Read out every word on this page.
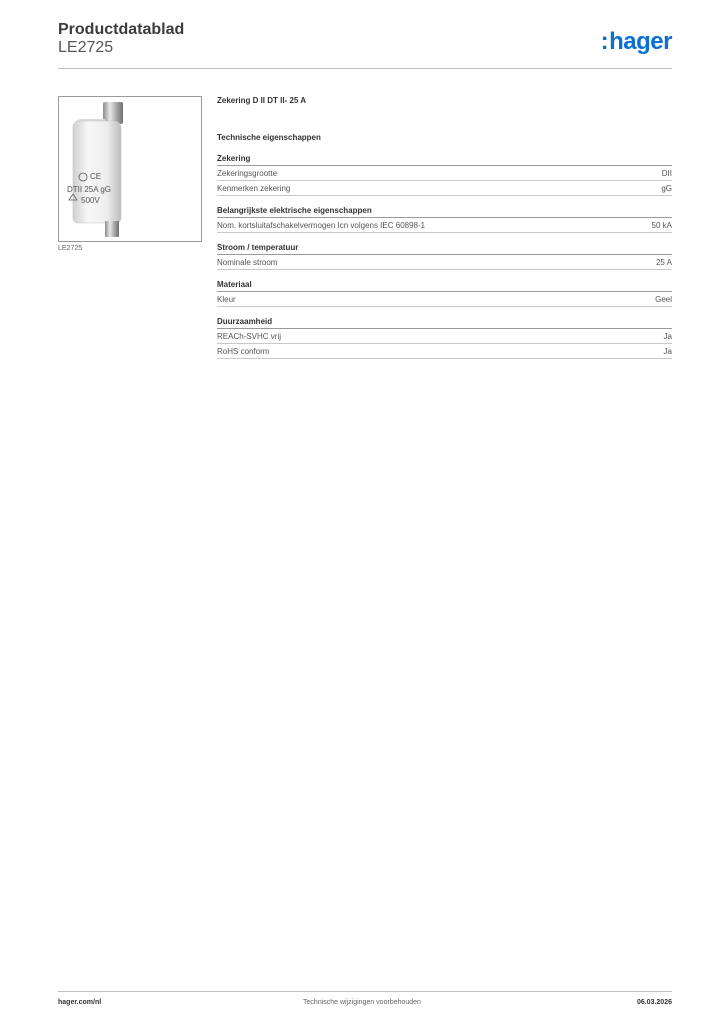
Productdatablad
LE2725	:hager
CE
DTII 25A gG
500V
LE2725
Zekering D II DT II- 25 A
Technische eigenschappen
Zekering
Zekeringsgrootte	DII
Kenmerken zekering	gG
Belangrijkste elektrische eigenschappen
Nom. kortsluitafschakelvermogen Icn volgens IEC 60898-1	50 kA
Stroom / temperatuur
Nominale stroom	25 A
Materiaal
Kleur	Geel
Duurzaamheid
REACh-SVHC vrij	Ja
RoHS conform	Ja
hager.com/nl	Technische wijzigingen voorbehouden	06.03.2026
